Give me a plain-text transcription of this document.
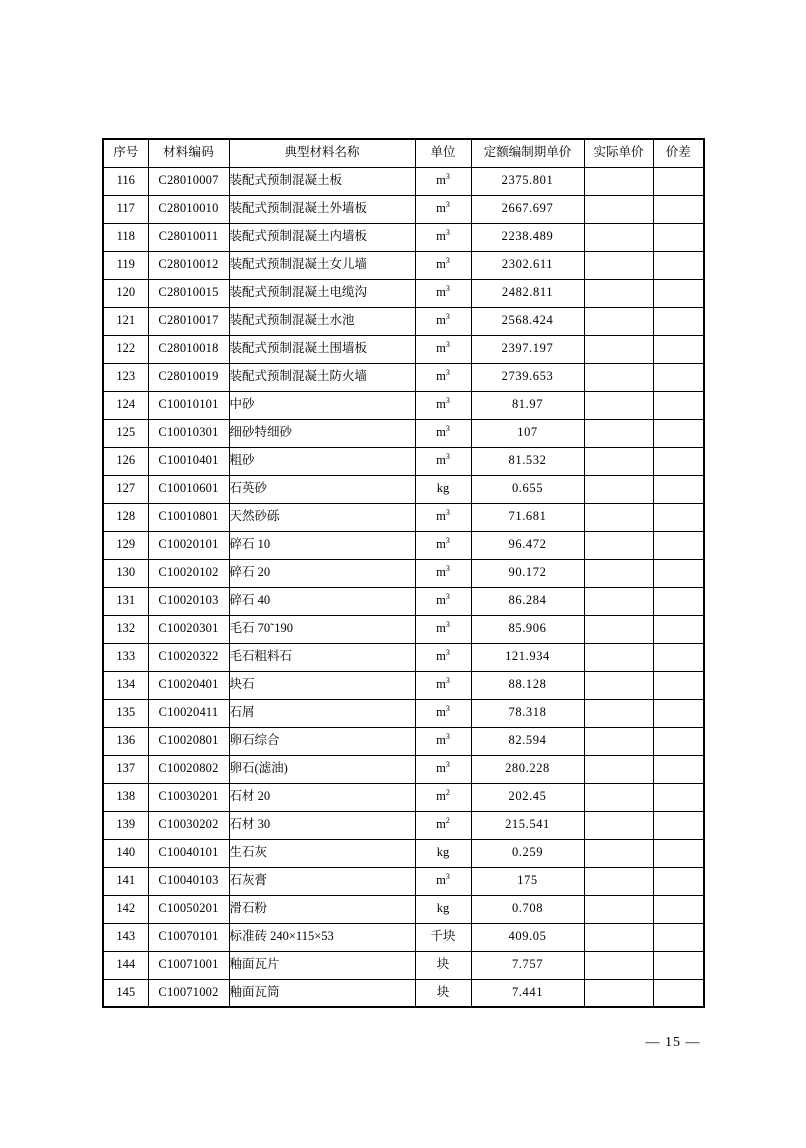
序号	材料编码	典型材料名称	单位	定额编制期单价	实际单价	价差
116	C28010007	装配式预制混凝土板	$m^3$	2375.801		
117	C28010010	装配式预制混凝土外墙板	$m^3$	2667.697		
118	C28010011	装配式预制混凝土内墙板	$m^3$	2238.489		
119	C28010012	装配式预制混凝土女儿墙	$m^3$	2302.611		
120	C28010015	装配式预制混凝土电缆沟	$m^3$	2482.811		
121	C28010017	装配式预制混凝土水池	$m^3$	2568.424		
122	C28010018	装配式预制混凝土围墙板	$m^3$	2397.197		
123	C28010019	装配式预制混凝土防火墙	$m^3$	2739.653		
124	C10010101	中砂	$m^3$	81.97		
125	C10010301	细砂特细砂	$m^3$	107		
126	C10010401	粗砂	$m^3$	81.532		
127	C10010601	石英砂	kg	0.655		
128	C10010801	天然砂砾	$m^3$	71.681		
129	C10020101	碎石 10	$m^3$	96.472		
130	C10020102	碎石 20	$m^3$	90.172		
131	C10020103	碎石 40	$m^3$	86.284		
132	C10020301	毛石 70˜190	$m^3$	85.906		
133	C10020322	毛石粗料石	$m^3$	121.934		
134	C10020401	块石	$m^3$	88.128		
135	C10020411	石屑	$m^3$	78.318		
136	C10020801	卵石综合	$m^3$	82.594		
137	C10020802	卵石(滤油)	$m^3$	280.228		
138	C10030201	石材 20	$m^2$	202.45		
139	C10030202	石材 30	$m^2$	215.541		
140	C10040101	生石灰	kg	0.259		
141	C10040103	石灰膏	$m^3$	175		
142	C10050201	滑石粉	kg	0.708		
143	C10070101	标准砖 240×115×53	千块	409.05		
144	C10071001	釉面瓦片	块	7.757		
145	C10071002	釉面瓦筒	块	7.441		
— 15 —
